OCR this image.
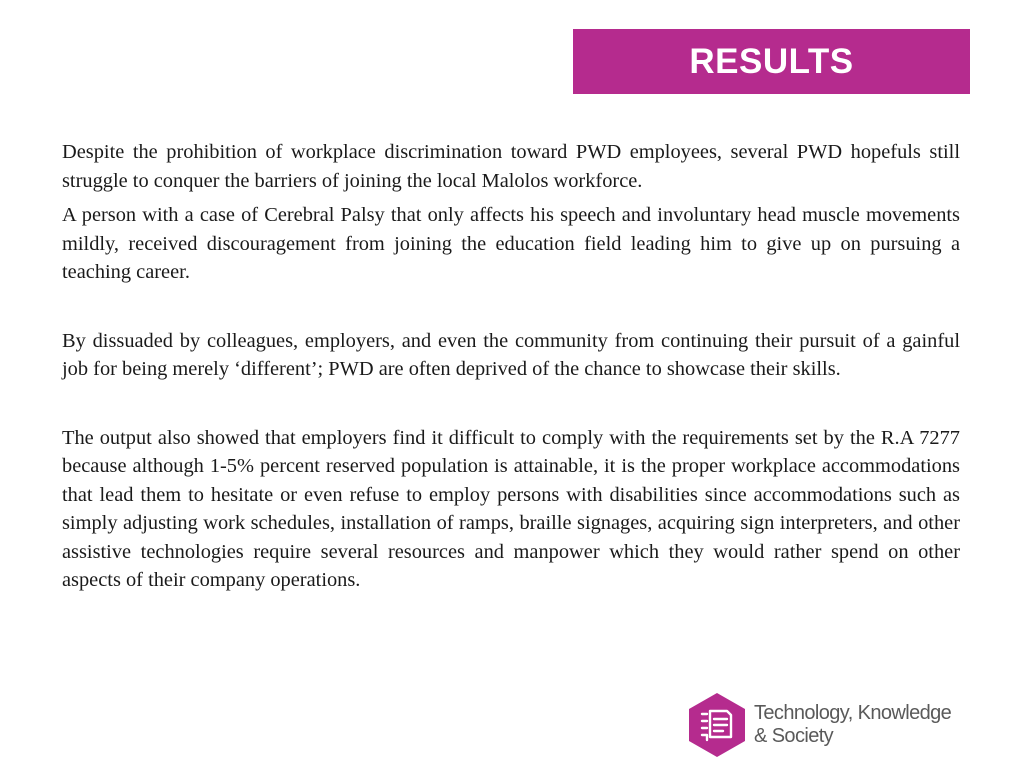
RESULTS

Despite the prohibition of workplace discrimination toward PWD employees, several PWD hopefuls still struggle to conquer the barriers of joining the local Malolos workforce.

A person with a case of Cerebral Palsy that only affects his speech and involuntary head muscle movements mildly, received discouragement from joining the education field leading him to give up on pursuing a teaching career.

By dissuaded by colleagues, employers, and even the community from continuing their pursuit of a gainful job for being merely ‘different’; PWD are often deprived of the chance to showcase their skills.

The output also showed that employers find it difficult to comply with the requirements set by the R.A 7277 because although 1-5% percent reserved population is attainable, it is the proper workplace accommodations that lead them to hesitate or even refuse to employ persons with disabilities since accommodations such as simply adjusting work schedules, installation of ramps, braille signages, acquiring sign interpreters, and other assistive technologies require several resources and manpower which they would rather spend on other aspects of their company operations.

Technology, Knowledge
& Society
